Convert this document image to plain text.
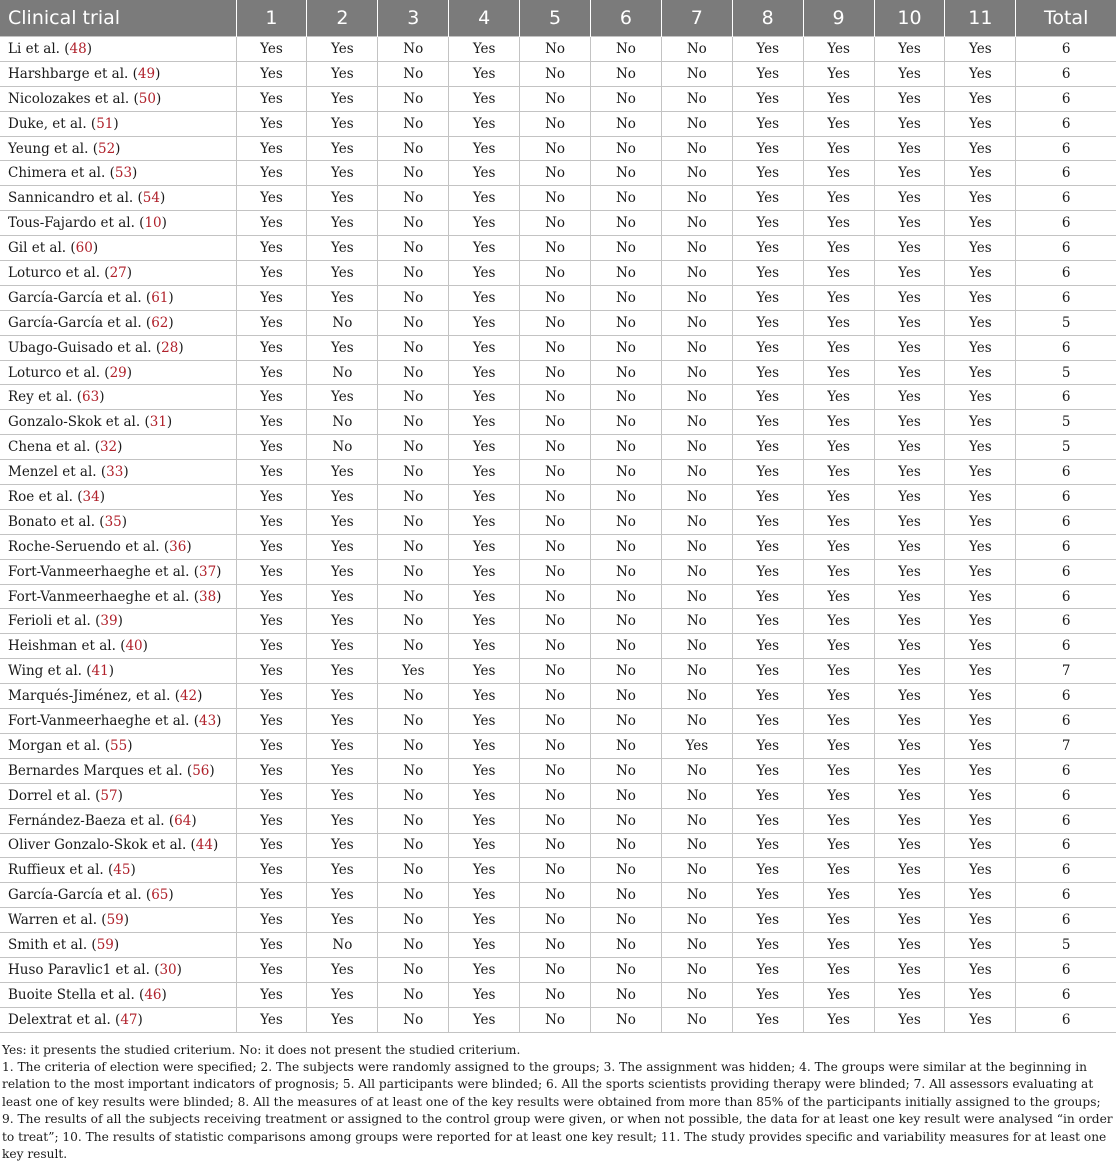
Clinical trial	1	2	3	4	5	6	7	8	9	10	11	Total
Li et al. (48)	Yes	Yes	No	Yes	No	No	No	Yes	Yes	Yes	Yes	6
Harshbarge et al. (49)	Yes	Yes	No	Yes	No	No	No	Yes	Yes	Yes	Yes	6
Nicolozakes et al. (50)	Yes	Yes	No	Yes	No	No	No	Yes	Yes	Yes	Yes	6
Duke, et al. (51)	Yes	Yes	No	Yes	No	No	No	Yes	Yes	Yes	Yes	6
Yeung et al. (52)	Yes	Yes	No	Yes	No	No	No	Yes	Yes	Yes	Yes	6
Chimera et al. (53)	Yes	Yes	No	Yes	No	No	No	Yes	Yes	Yes	Yes	6
Sannicandro et al. (54)	Yes	Yes	No	Yes	No	No	No	Yes	Yes	Yes	Yes	6
Tous-Fajardo et al. (10)	Yes	Yes	No	Yes	No	No	No	Yes	Yes	Yes	Yes	6
Gil et al. (60)	Yes	Yes	No	Yes	No	No	No	Yes	Yes	Yes	Yes	6
Loturco et al. (27)	Yes	Yes	No	Yes	No	No	No	Yes	Yes	Yes	Yes	6
García-García et al. (61)	Yes	Yes	No	Yes	No	No	No	Yes	Yes	Yes	Yes	6
García-García et al. (62)	Yes	No	No	Yes	No	No	No	Yes	Yes	Yes	Yes	5
Ubago-Guisado et al. (28)	Yes	Yes	No	Yes	No	No	No	Yes	Yes	Yes	Yes	6
Loturco et al. (29)	Yes	No	No	Yes	No	No	No	Yes	Yes	Yes	Yes	5
Rey et al. (63)	Yes	Yes	No	Yes	No	No	No	Yes	Yes	Yes	Yes	6
Gonzalo-Skok et al. (31)	Yes	No	No	Yes	No	No	No	Yes	Yes	Yes	Yes	5
Chena et al. (32)	Yes	No	No	Yes	No	No	No	Yes	Yes	Yes	Yes	5
Menzel et al. (33)	Yes	Yes	No	Yes	No	No	No	Yes	Yes	Yes	Yes	6
Roe et al. (34)	Yes	Yes	No	Yes	No	No	No	Yes	Yes	Yes	Yes	6
Bonato et al. (35)	Yes	Yes	No	Yes	No	No	No	Yes	Yes	Yes	Yes	6
Roche-Seruendo et al. (36)	Yes	Yes	No	Yes	No	No	No	Yes	Yes	Yes	Yes	6
Fort-Vanmeerhaeghe et al. (37)	Yes	Yes	No	Yes	No	No	No	Yes	Yes	Yes	Yes	6
Fort-Vanmeerhaeghe et al. (38)	Yes	Yes	No	Yes	No	No	No	Yes	Yes	Yes	Yes	6
Ferioli et al. (39)	Yes	Yes	No	Yes	No	No	No	Yes	Yes	Yes	Yes	6
Heishman et al. (40)	Yes	Yes	No	Yes	No	No	No	Yes	Yes	Yes	Yes	6
Wing et al. (41)	Yes	Yes	Yes	Yes	No	No	No	Yes	Yes	Yes	Yes	7
Marqués-Jiménez, et al. (42)	Yes	Yes	No	Yes	No	No	No	Yes	Yes	Yes	Yes	6
Fort-Vanmeerhaeghe et al. (43)	Yes	Yes	No	Yes	No	No	No	Yes	Yes	Yes	Yes	6
Morgan et al. (55)	Yes	Yes	No	Yes	No	No	Yes	Yes	Yes	Yes	Yes	7
Bernardes Marques et al. (56)	Yes	Yes	No	Yes	No	No	No	Yes	Yes	Yes	Yes	6
Dorrel et al. (57)	Yes	Yes	No	Yes	No	No	No	Yes	Yes	Yes	Yes	6
Fernández-Baeza et al. (64)	Yes	Yes	No	Yes	No	No	No	Yes	Yes	Yes	Yes	6
Oliver Gonzalo-Skok et al. (44)	Yes	Yes	No	Yes	No	No	No	Yes	Yes	Yes	Yes	6
Ruffieux et al. (45)	Yes	Yes	No	Yes	No	No	No	Yes	Yes	Yes	Yes	6
García-García et al. (65)	Yes	Yes	No	Yes	No	No	No	Yes	Yes	Yes	Yes	6
Warren et al. (59)	Yes	Yes	No	Yes	No	No	No	Yes	Yes	Yes	Yes	6
Smith et al. (59)	Yes	No	No	Yes	No	No	No	Yes	Yes	Yes	Yes	5
Huso Paravlic1 et al. (30)	Yes	Yes	No	Yes	No	No	No	Yes	Yes	Yes	Yes	6
Buoite Stella et al. (46)	Yes	Yes	No	Yes	No	No	No	Yes	Yes	Yes	Yes	6
Delextrat et al. (47)	Yes	Yes	No	Yes	No	No	No	Yes	Yes	Yes	Yes	6

Yes: it presents the studied criterium. No: it does not present the studied criterium.

1. The criteria of election were specified; 2. The subjects were randomly assigned to the groups; 3. The assignment was hidden; 4. The groups were similar at the beginning in relation to the most important indicators of prognosis; 5. All participants were blinded; 6. All the sports scientists providing therapy were blinded; 7. All assessors evaluating at least one of key results were blinded; 8. All the measures of at least one of the key results were obtained from more than 85% of the participants initially assigned to the groups; 9. The results of all the subjects receiving treatment or assigned to the control group were given, or when not possible, the data for at least one key result were analysed “in order to treat”; 10. The results of statistic comparisons among groups were reported for at least one key result; 11. The study provides specific and variability measures for at least one key result.
